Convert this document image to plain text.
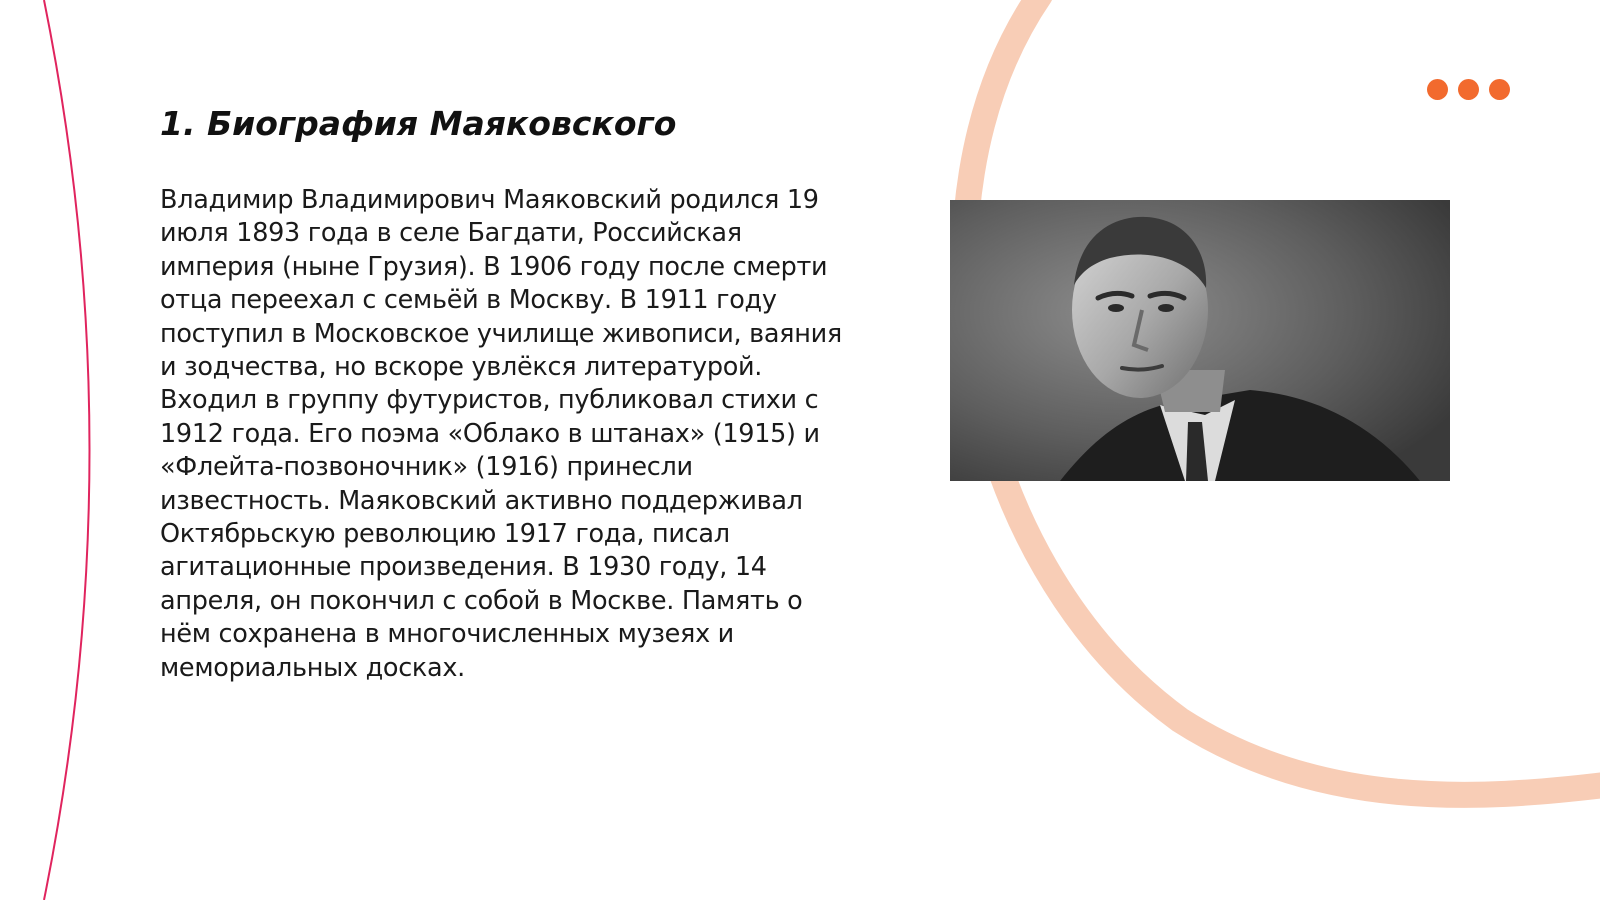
1. Биография Маяковского

Владимир Владимирович Маяковский родился 19 июля 1893 года в селе Багдати, Российская империя (ныне Грузия). В 1906 году после смерти отца переехал с семьёй в Москву. В 1911 году поступил в Московское училище живописи, ваяния и зодчества, но вскоре увлёкся литературой. Входил в группу футуристов, публиковал стихи с 1912 года. Его поэма «Облако в штанах» (1915) и «Флейта-позвоночник» (1916) принесли известность. Маяковский активно поддерживал Октябрьскую революцию 1917 года, писал агитационные произведения. В 1930 году, 14 апреля, он покончил с собой в Москве. Память о нём сохранена в многочисленных музеях и мемориальных досках.
